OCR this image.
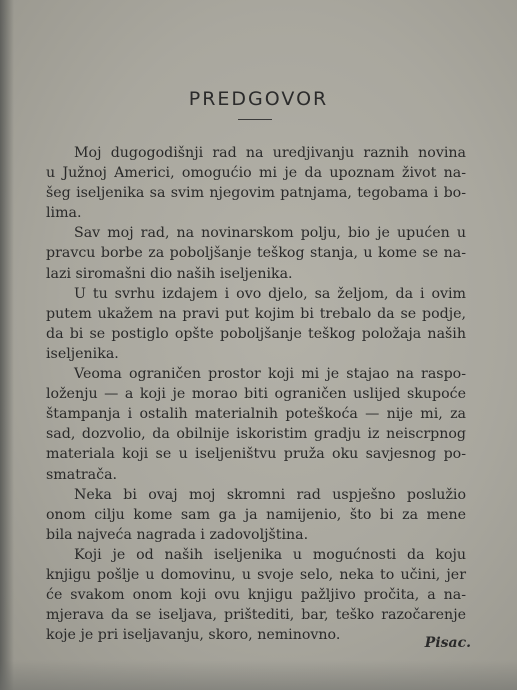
PREDGOVOR

Moj dugogodišnji rad na uredjivanju raznih novina
u Južnoj Americi, omogućio mi je da upoznam život na-
šeg iseljenika sa svim njegovim patnjama, tegobama i bo-
lima.

Sav moj rad, na novinarskom polju, bio je upućen u
pravcu borbe za poboljšanje teškog stanja, u kome se na-
lazi siromašni dio naših iseljenika.

U tu svrhu izdajem i ovo djelo, sa željom, da i ovim
putem ukažem na pravi put kojim bi trebalo da se podje,
da bi se postiglo opšte poboljšanje teškog položaja naših
iseljenika.

Veoma ograničen prostor koji mi je stajao na raspo-
loženju — a koji je morao biti ograničen uslijed skupoće
štampanja i ostalih materialnih poteškoća — nije mi, za
sad, dozvolio, da obilnije iskoristim gradju iz neiscrpnog
materiala koji se u iseljeništvu pruža oku savjesnog po-
smatrača.

Neka bi ovaj moj skromni rad uspješno poslužio
onom cilju kome sam ga ja namijenio, što bi za mene
bila najveća nagrada i zadovoljština.

Koji je od naših iseljenika u mogućnosti da koju
knjigu pošlje u domovinu, u svoje selo, neka to učini, jer
će svakom onom koji ovu knjigu pažljivo pročita, a na-
mjerava da se iseljava, prištediti, bar, teško razočarenje
koje je pri iseljavanju, skoro, neminovno.	Pisac.
